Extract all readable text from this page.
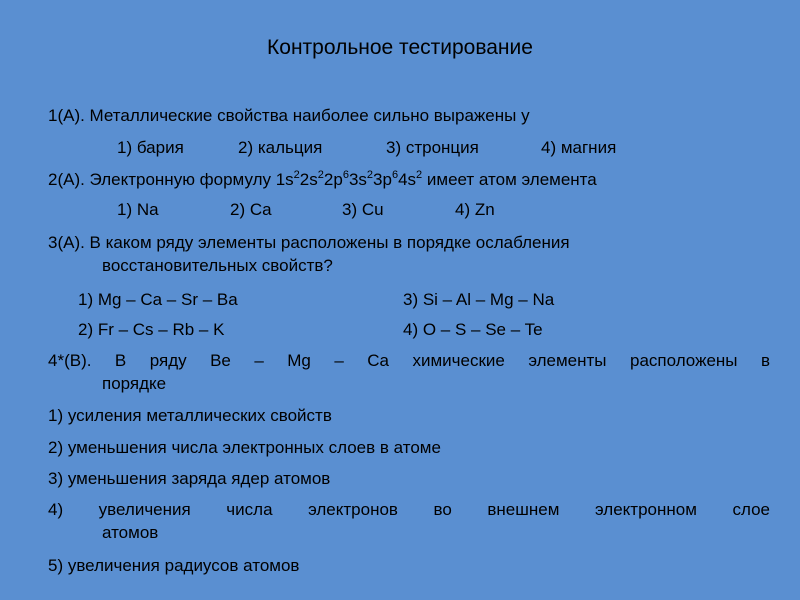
Контрольное тестирование
1(А). Металлические свойства наиболее сильно выражены у
1) бария	2) кальция	3) стронция	4) магния
2(А). Электронную формулу $1s^22s^22p^63s^23p^64s^2$ имеет атом элемента
1) Na	2) Ca	3) Cu	4) Zn
3(А). В каком ряду элементы расположены в порядке ослабления
восстановительных свойств?
1) Mg – Ca – Sr – Ba	3) Si – Al – Mg – Na
2) Fr – Cs – Rb – K	4) O – S – Se – Te
4*(В). В ряду Be – Mg – Ca химические элементы расположены в
порядке
1) усиления металлических свойств
2) уменьшения числа электронных слоев в атоме
3) уменьшения заряда ядер атомов
4) увеличения числа электронов во внешнем электронном слое
атомов
5) увеличения радиусов атомов
